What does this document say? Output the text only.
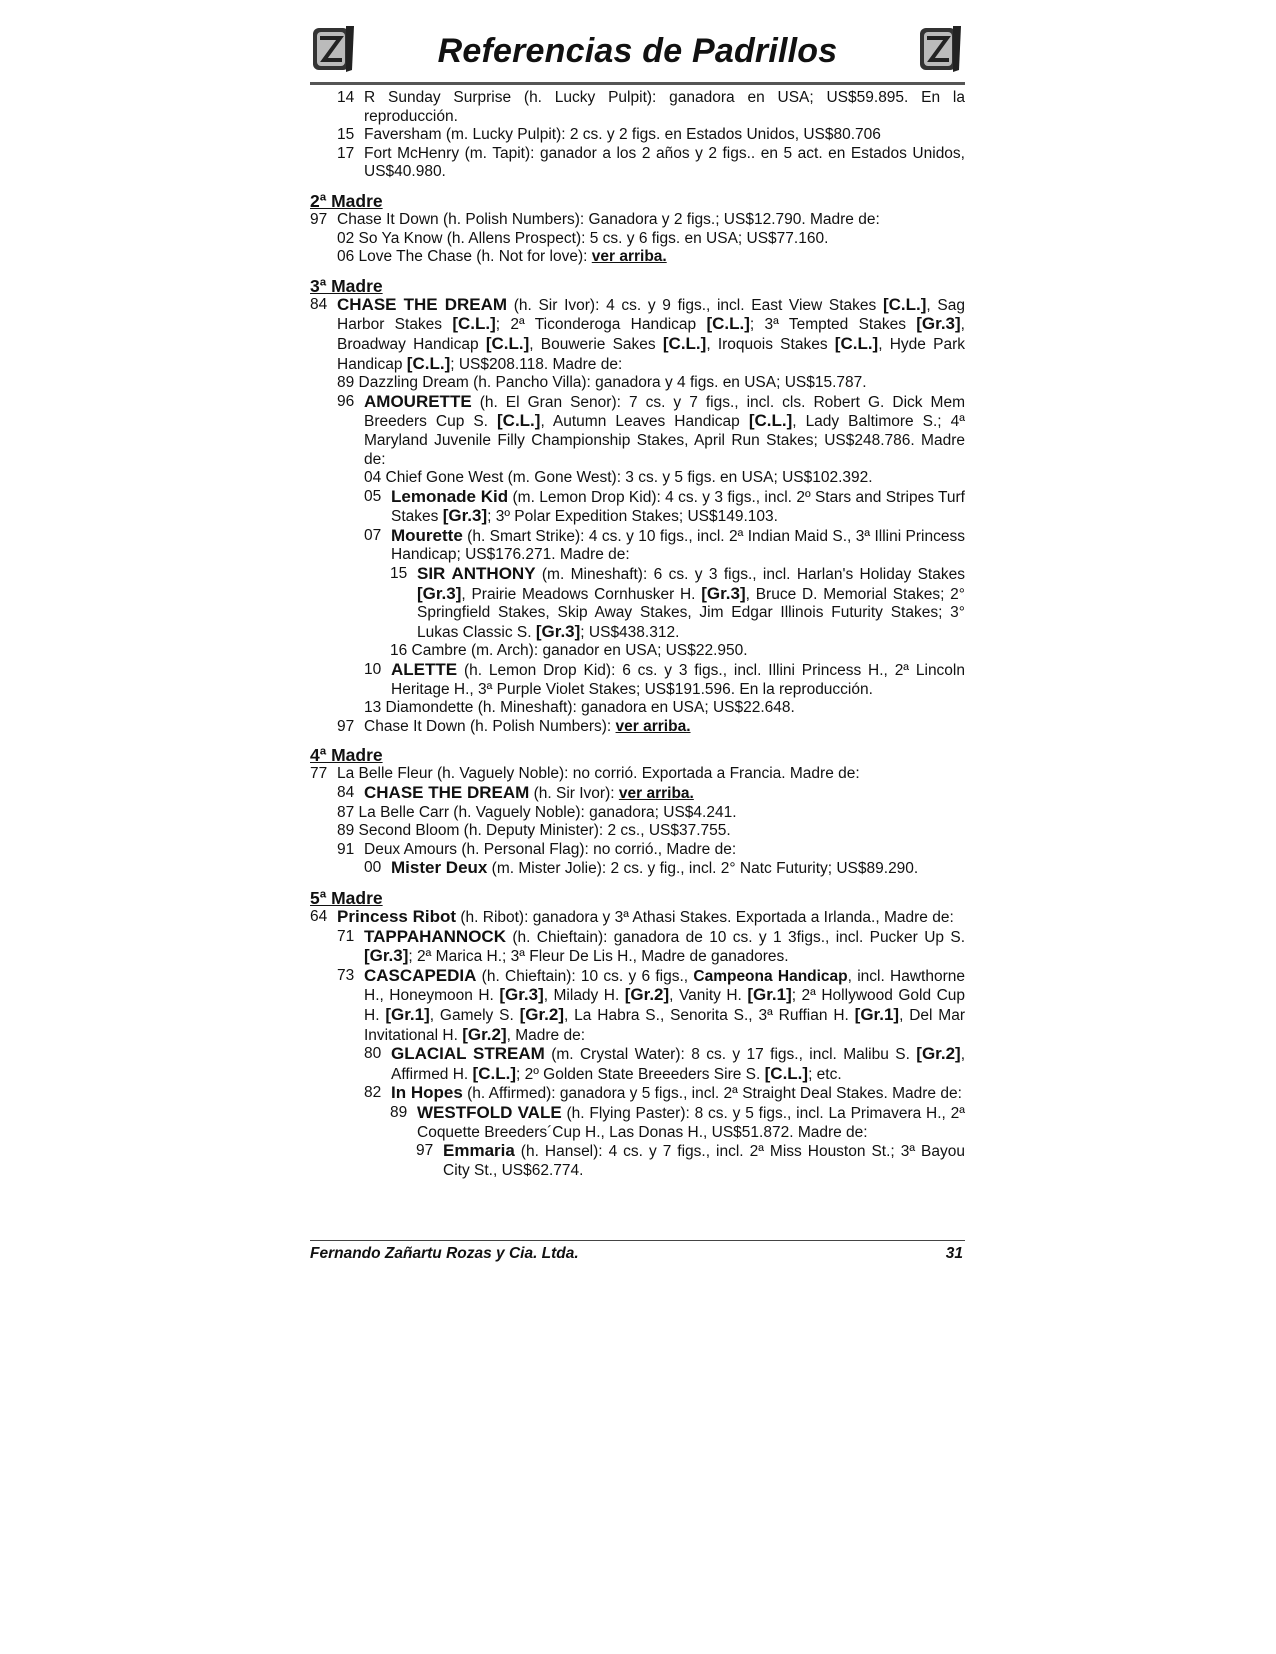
Referencias de Padrillos
14 R Sunday Surprise (h. Lucky Pulpit): ganadora en USA; US$59.895. En la reproducción.
15 Faversham (m. Lucky Pulpit): 2 cs. y 2 figs. en Estados Unidos, US$80.706
17 Fort McHenry (m. Tapit): ganador a los 2 años y 2 figs.. en 5 act. en Estados Unidos, US$40.980.
2ª Madre
97 Chase It Down (h. Polish Numbers): Ganadora y 2 figs.; US$12.790. Madre de:
02 So Ya Know (h. Allens Prospect): 5 cs. y 6 figs. en USA; US$77.160.
06 Love The Chase (h. Not for love): ver arriba.
3ª Madre
84 CHASE THE DREAM (h. Sir Ivor): 4 cs. y 9 figs., incl. East View Stakes [C.L.], Sag Harbor Stakes [C.L.]; 2ª Ticonderoga Handicap [C.L.]; 3ª Tempted Stakes [Gr.3], Broadway Handicap [C.L.], Bouwerie Sakes [C.L.], Iroquois Stakes [C.L.], Hyde Park Handicap [C.L.]; US$208.118. Madre de:
89 Dazzling Dream (h. Pancho Villa): ganadora y 4 figs. en USA; US$15.787.
96 AMOURETTE (h. El Gran Senor): 7 cs. y 7 figs., incl. cls. Robert G. Dick Mem Breeders Cup S. [C.L.], Autumn Leaves Handicap [C.L.], Lady Baltimore S.; 4ª Maryland Juvenile Filly Championship Stakes, April Run Stakes; US$248.786. Madre de:
04 Chief Gone West (m. Gone West): 3 cs. y 5 figs. en USA; US$102.392.
05 Lemonade Kid (m. Lemon Drop Kid): 4 cs. y 3 figs., incl. 2º Stars and Stripes Turf Stakes [Gr.3]; 3º Polar Expedition Stakes; US$149.103.
07 Mourette (h. Smart Strike): 4 cs. y 10 figs., incl. 2ª Indian Maid S., 3ª Illini Princess Handicap; US$176.271. Madre de:
15 SIR ANTHONY (m. Mineshaft): 6 cs. y 3 figs., incl. Harlan's Holiday Stakes [Gr.3], Prairie Meadows Cornhusker H. [Gr.3], Bruce D. Memorial Stakes; 2° Springfield Stakes, Skip Away Stakes, Jim Edgar Illinois Futurity Stakes; 3° Lukas Classic S. [Gr.3]; US$438.312.
16 Cambre (m. Arch): ganador en USA; US$22.950.
10 ALETTE (h. Lemon Drop Kid): 6 cs. y 3 figs., incl. Illini Princess H., 2ª Lincoln Heritage H., 3ª Purple Violet Stakes; US$191.596. En la reproducción.
13 Diamondette (h. Mineshaft): ganadora en USA; US$22.648.
97 Chase It Down (h. Polish Numbers): ver arriba.
4ª Madre
77 La Belle Fleur (h. Vaguely Noble): no corrió. Exportada a Francia. Madre de:
84 CHASE THE DREAM (h. Sir Ivor): ver arriba.
87 La Belle Carr (h. Vaguely Noble): ganadora; US$4.241.
89 Second Bloom (h. Deputy Minister): 2 cs., US$37.755.
91 Deux Amours (h. Personal Flag): no corrió., Madre de:
00 Mister Deux (m. Mister Jolie): 2 cs. y fig., incl. 2° Natc Futurity; US$89.290.
5ª Madre
64 Princess Ribot (h. Ribot): ganadora y 3ª Athasi Stakes. Exportada a Irlanda., Madre de:
71 TAPPAHANNOCK (h. Chieftain): ganadora de 10 cs. y 1 3figs., incl. Pucker Up S. [Gr.3]; 2ª Marica H.; 3ª Fleur De Lis H., Madre de ganadores.
73 CASCAPEDIA (h. Chieftain): 10 cs. y 6 figs., Campeona Handicap, incl. Hawthorne H., Honeymoon H. [Gr.3], Milady H. [Gr.2], Vanity H. [Gr.1]; 2ª Hollywood Gold Cup H. [Gr.1], Gamely S. [Gr.2], La Habra S., Senorita S., 3ª Ruffian H. [Gr.1], Del Mar Invitational H. [Gr.2], Madre de:
80 GLACIAL STREAM (m. Crystal Water): 8 cs. y 17 figs., incl. Malibu S. [Gr.2], Affirmed H. [C.L.]; 2º Golden State Breeeders Sire S. [C.L.]; etc.
82 In Hopes (h. Affirmed): ganadora y 5 figs., incl. 2ª Straight Deal Stakes. Madre de:
89 WESTFOLD VALE (h. Flying Paster): 8 cs. y 5 figs., incl. La Primavera H., 2ª Coquette Breeders´Cup H., Las Donas H., US$51.872. Madre de:
97 Emmaria (h. Hansel): 4 cs. y 7 figs., incl. 2ª Miss Houston St.; 3ª Bayou City St., US$62.774.
Fernando Zañartu Rozas y Cia. Ltda.	31
